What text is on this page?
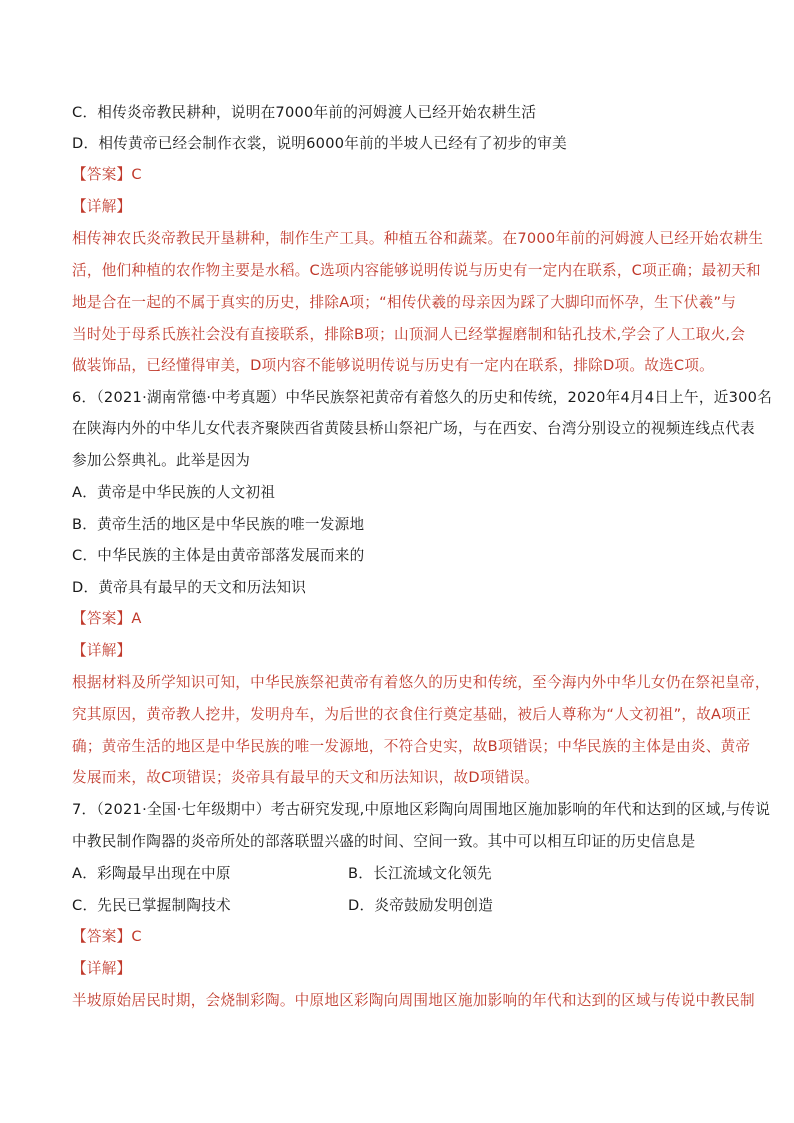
C．相传炎帝教民耕种，说明在7000年前的河姆渡人已经开始农耕生活
D．相传黄帝已经会制作衣裳，说明6000年前的半坡人已经有了初步的审美
【答案】C
【详解】
相传神农氏炎帝教民开垦耕种，制作生产工具。种植五谷和蔬菜。在7000年前的河姆渡人已经开始农耕生
活，他们种植的农作物主要是水稻。C选项内容能够说明传说与历史有一定内在联系，C项正确；最初天和
地是合在一起的不属于真实的历史，排除A项；“相传伏羲的母亲因为踩了大脚印而怀孕，生下伏羲”与
当时处于母系氏族社会没有直接联系，排除B项；山顶洞人已经掌握磨制和钻孔技术,学会了人工取火,会
做装饰品，已经懂得审美，D项内容不能够说明传说与历史有一定内在联系，排除D项。故选C项。
6．（2021·湖南常德·中考真题）中华民族祭祀黄帝有着悠久的历史和传统，2020年4月4日上午，近300名
在陕海内外的中华儿女代表齐聚陕西省黄陵县桥山祭祀广场，与在西安、台湾分别设立的视频连线点代表
参加公祭典礼。此举是因为
A．黄帝是中华民族的人文初祖
B．黄帝生活的地区是中华民族的唯一发源地
C．中华民族的主体是由黄帝部落发展而来的
D．黄帝具有最早的天文和历法知识
【答案】A
【详解】
根据材料及所学知识可知，中华民族祭祀黄帝有着悠久的历史和传统，至今海内外中华儿女仍在祭祀皇帝，
究其原因，黄帝教人挖井，发明舟车，为后世的衣食住行奠定基础，被后人尊称为“人文初祖”，故A项正
确；黄帝生活的地区是中华民族的唯一发源地，不符合史实，故B项错误；中华民族的主体是由炎、黄帝
发展而来，故C项错误；炎帝具有最早的天文和历法知识，故D项错误。
7．（2021·全国·七年级期中）考古研究发现,中原地区彩陶向周围地区施加影响的年代和达到的区域,与传说
中教民制作陶器的炎帝所处的部落联盟兴盛的时间、空间一致。其中可以相互印证的历史信息是
A．彩陶最早出现在中原	B．长江流域文化领先
C．先民已掌握制陶技术	D．炎帝鼓励发明创造
【答案】C
【详解】
半坡原始居民时期，会烧制彩陶。中原地区彩陶向周围地区施加影响的年代和达到的区域与传说中教民制
